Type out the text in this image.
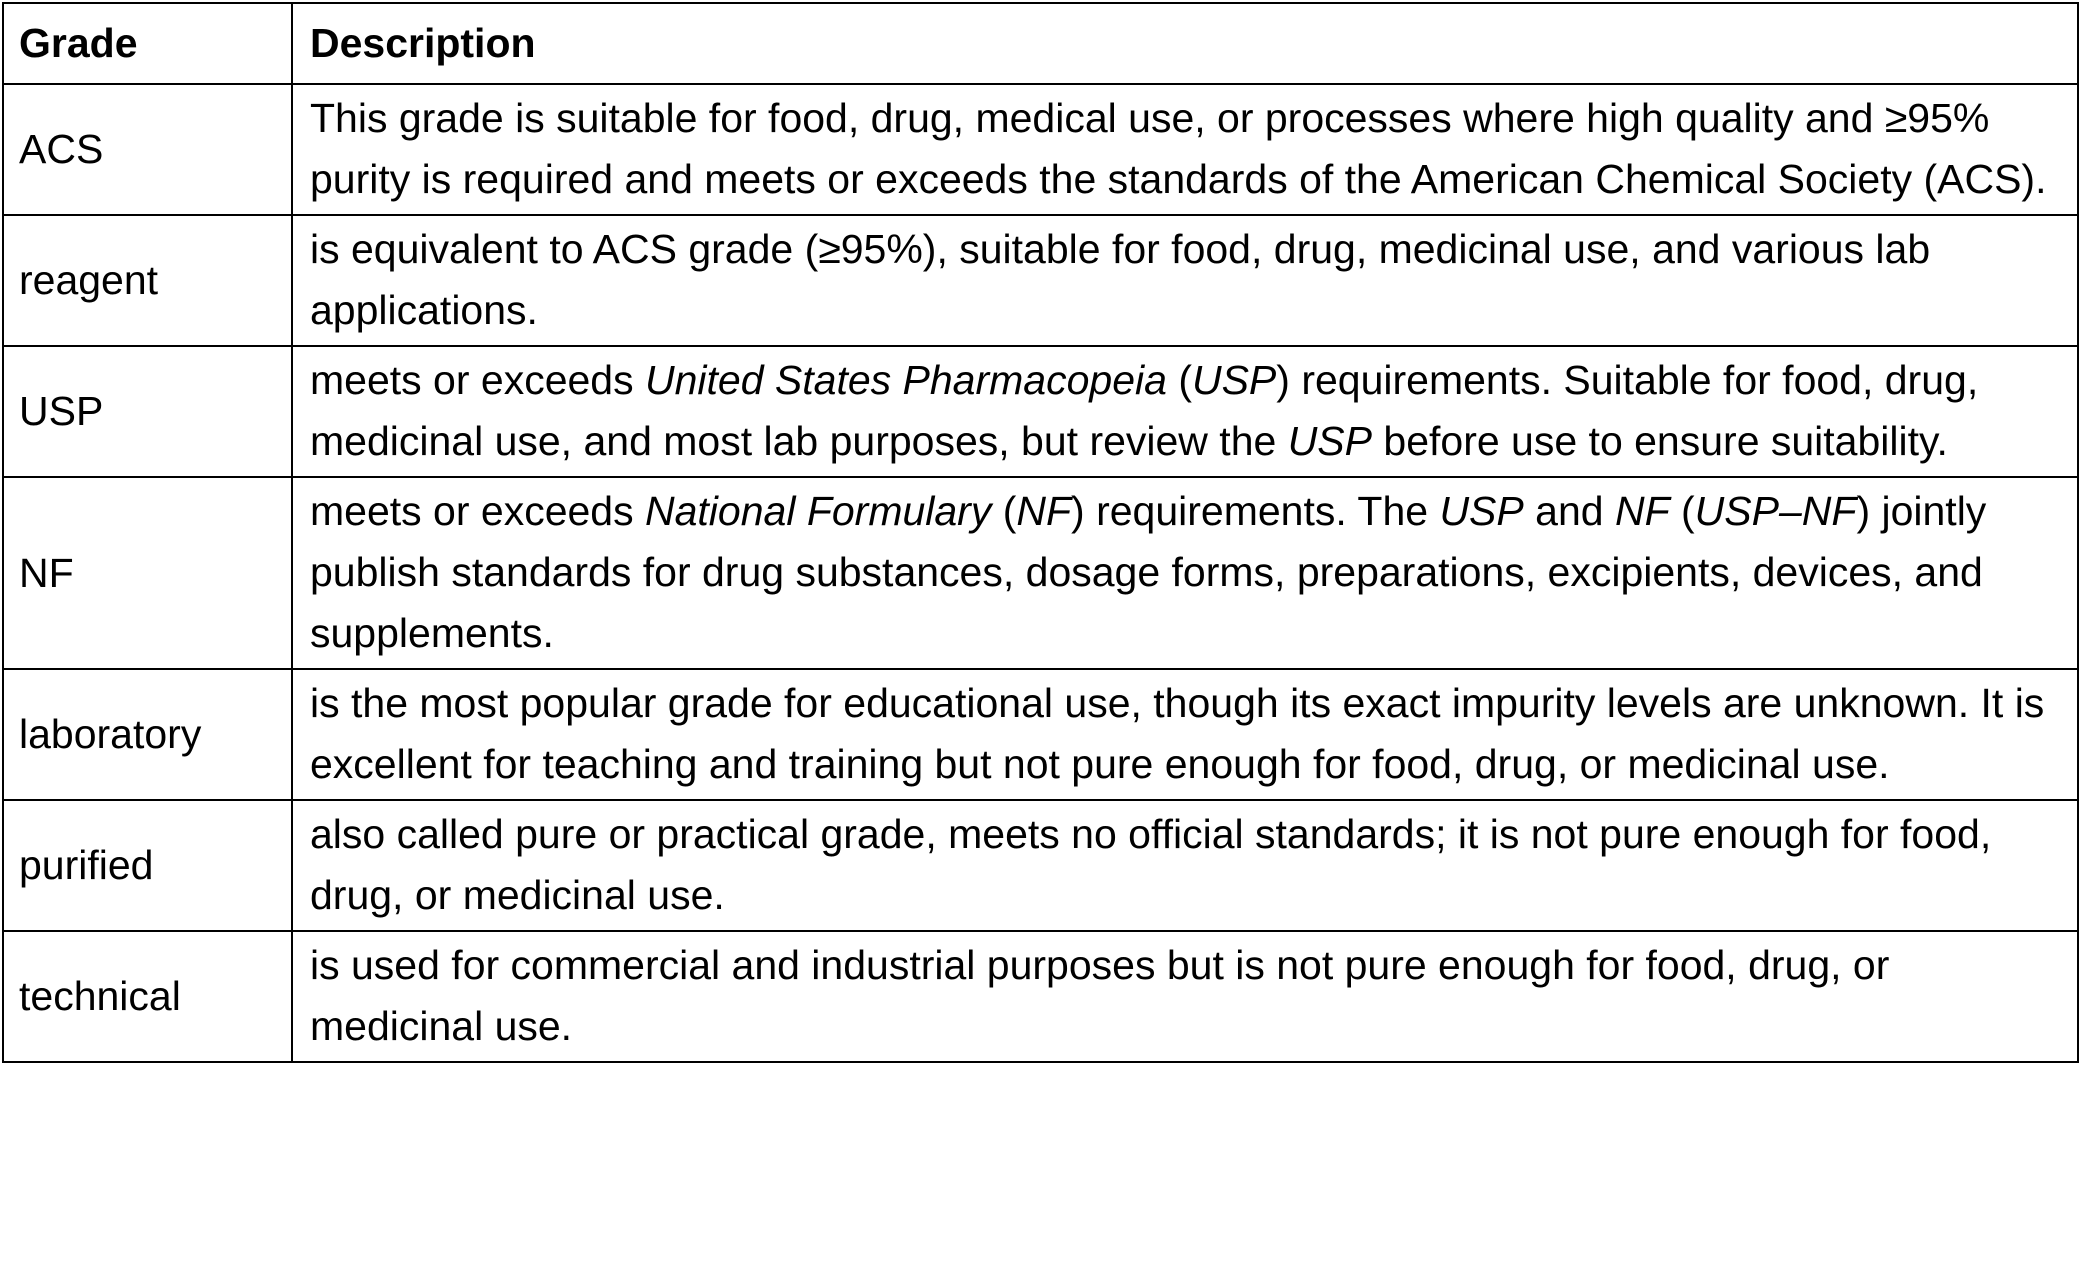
Grade	Description
ACS	This grade is suitable for food, drug, medical use, or processes where high quality and ≥95% purity is required and meets or exceeds the standards of the American Chemical Society (ACS).
reagent	is equivalent to ACS grade (≥95%), suitable for food, drug, medicinal use, and various lab applications.
USP	meets or exceeds United States Pharmacopeia (USP) requirements. Suitable for food, drug, medicinal use, and most lab purposes, but review the USP before use to ensure suitability.
NF	meets or exceeds National Formulary (NF) requirements. The USP and NF (USP–NF) jointly publish standards for drug substances, dosage forms, preparations, excipients, devices, and supplements.
laboratory	is the most popular grade for educational use, though its exact impurity levels are unknown. It is excellent for teaching and training but not pure enough for food, drug, or medicinal use.
purified	also called pure or practical grade, meets no official standards; it is not pure enough for food, drug, or medicinal use.
technical	is used for commercial and industrial purposes but is not pure enough for food, drug, or medicinal use.
